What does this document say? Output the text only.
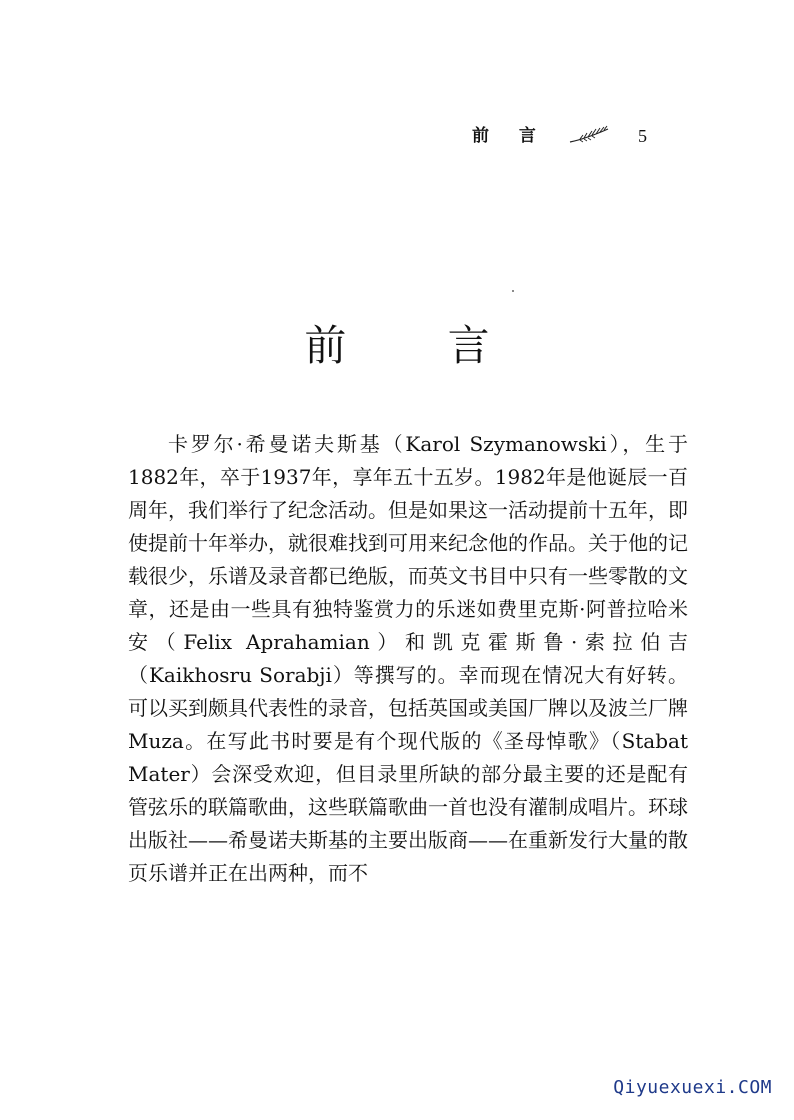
前 言	5
前 言

卡罗尔·希曼诺夫斯基（Karol Szymanowski），生于1882年，卒于1937年，享年五十五岁。1982年是他诞辰一百周年，我们举行了纪念活动。但是如果这一活动提前十五年，即使提前十年举办，就很难找到可用来纪念他的作品。关于他的记载很少，乐谱及录音都已绝版，而英文书目中只有一些零散的文章，还是由一些具有独特鉴赏力的乐迷如费里克斯·阿普拉哈米安（Felix Aprahamian）和凯克霍斯鲁·索拉伯吉（Kaikhosru Sorabji）等撰写的。幸而现在情况大有好转。可以买到颇具代表性的录音，包括英国或美国厂牌以及波兰厂牌Muza。在写此书时要是有个现代版的《圣母悼歌》（Stabat Mater）会深受欢迎，但目录里所缺的部分最主要的还是配有管弦乐的联篇歌曲，这些联篇歌曲一首也没有灌制成唱片。环球出版社——希曼诺夫斯基的主要出版商——在重新发行大量的散页乐谱并正在出两种，而不

Qiyuexuexi.COM
